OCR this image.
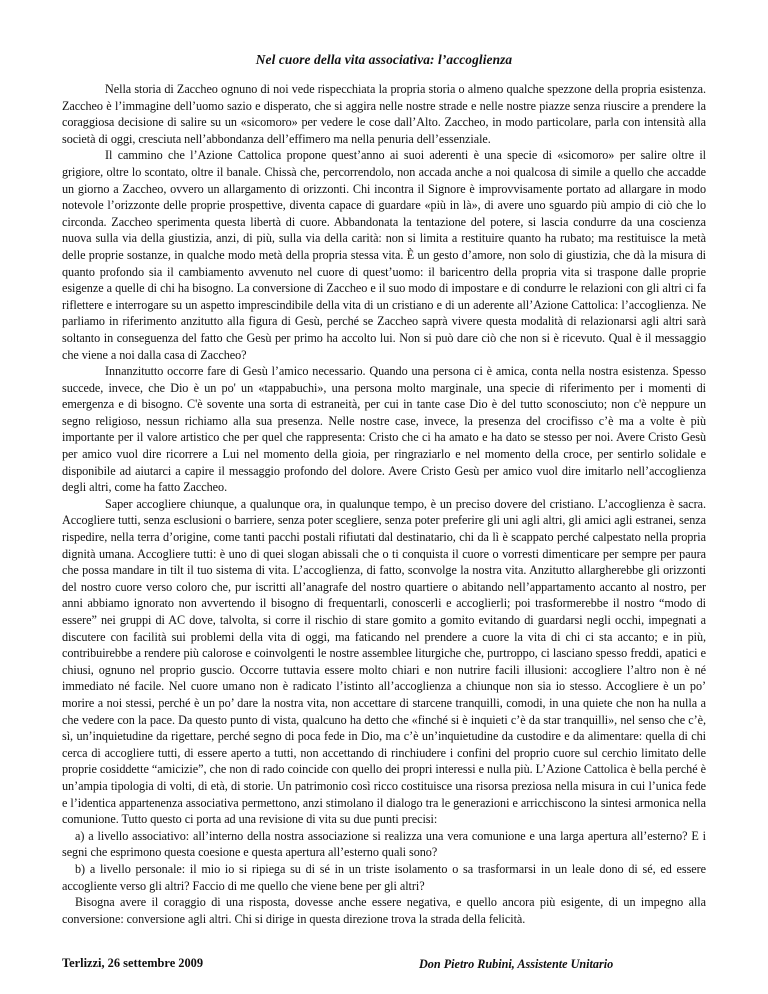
Nel cuore della vita associativa: l’accoglienza

Nella storia di Zaccheo ognuno di noi vede rispecchiata la propria storia o almeno qualche spezzone della propria esistenza. Zaccheo è l’immagine dell’uomo sazio e disperato, che si aggira nelle nostre strade e nelle nostre piazze senza riuscire a prendere la coraggiosa decisione di salire su un «sicomoro» per vedere le cose dall’Alto. Zaccheo, in modo particolare, parla con intensità alla società di oggi, cresciuta nell’abbondanza dell’effimero ma nella penuria dell’essenziale.

Il cammino che l’Azione Cattolica propone quest’anno ai suoi aderenti è una specie di «sicomoro» per salire oltre il grigiore, oltre lo scontato, oltre il banale. Chissà che, percorrendolo, non accada anche a noi qualcosa di simile a quello che accadde un giorno a Zaccheo, ovvero un allargamento di orizzonti. Chi incontra il Signore è improvvisamente portato ad allargare in modo notevole l’orizzonte delle proprie prospettive, diventa capace di guardare «più in là», di avere uno sguardo più ampio di ciò che lo circonda. Zaccheo sperimenta questa libertà di cuore. Abbandonata la tentazione del potere, si lascia condurre da una coscienza nuova sulla via della giustizia, anzi, di più, sulla via della carità: non si limita a restituire quanto ha rubato; ma restituisce la metà delle proprie sostanze, in qualche modo metà della propria stessa vita. È un gesto d’amore, non solo di giustizia, che dà la misura di quanto profondo sia il cambiamento avvenuto nel cuore di quest’uomo: il baricentro della propria vita si traspone dalle proprie esigenze a quelle di chi ha bisogno. La conversione di Zaccheo e il suo modo di impostare e di condurre le relazioni con gli altri ci fa riflettere e interrogare su un aspetto imprescindibile della vita di un cristiano e di un aderente all’Azione Cattolica: l’accoglienza. Ne parliamo in riferimento anzitutto alla figura di Gesù, perché se Zaccheo saprà vivere questa modalità di relazionarsi agli altri sarà soltanto in conseguenza del fatto che Gesù per primo ha accolto lui. Non si può dare ciò che non si è ricevuto. Qual è il messaggio che viene a noi dalla casa di Zaccheo?

Innanzitutto occorre fare di Gesù l’amico necessario. Quando una persona ci è amica, conta nella nostra esistenza. Spesso succede, invece, che Dio è un po' un «tappabuchi», una persona molto marginale, una specie di riferimento per i momenti di emergenza e di bisogno. C'è sovente una sorta di estraneità, per cui in tante case Dio è del tutto sconosciuto; non c'è neppure un segno religioso, nessun richiamo alla sua presenza. Nelle nostre case, invece, la presenza del crocifisso c’è ma a volte è più importante per il valore artistico che per quel che rappresenta: Cristo che ci ha amato e ha dato se stesso per noi. Avere Cristo Gesù per amico vuol dire ricorrere a Lui nel momento della gioia, per ringraziarlo e nel momento della croce, per sentirlo solidale e disponibile ad aiutarci a capire il messaggio profondo del dolore. Avere Cristo Gesù per amico vuol dire imitarlo nell’accoglienza degli altri, come ha fatto Zaccheo.

Saper accogliere chiunque, a qualunque ora, in qualunque tempo, è un preciso dovere del cristiano. L’accoglienza è sacra. Accogliere tutti, senza esclusioni o barriere, senza poter scegliere, senza poter preferire gli uni agli altri, gli amici agli estranei, senza rispedire, nella terra d’origine, come tanti pacchi postali rifiutati dal destinatario, chi da lì è scappato perché calpestato nella propria dignità umana. Accogliere tutti: è uno di quei slogan abissali che o ti conquista il cuore o vorresti dimenticare per sempre per paura che possa mandare in tilt il tuo sistema di vita. L’accoglienza, di fatto, sconvolge la nostra vita. Anzitutto allargherebbe gli orizzonti del nostro cuore verso coloro che, pur iscritti all’anagrafe del nostro quartiere o abitando nell’appartamento accanto al nostro, per anni abbiamo ignorato non avvertendo il bisogno di frequentarli, conoscerli e accoglierli; poi trasformerebbe il nostro “modo di essere” nei gruppi di AC dove, talvolta, si corre il rischio di stare gomito a gomito evitando di guardarsi negli occhi, impegnati a discutere con facilità sui problemi della vita di oggi, ma faticando nel prendere a cuore la vita di chi ci sta accanto; e in più, contribuirebbe a rendere più calorose e coinvolgenti le nostre assemblee liturgiche che, purtroppo, ci lasciano spesso freddi, apatici e chiusi, ognuno nel proprio guscio. Occorre tuttavia essere molto chiari e non nutrire facili illusioni: accogliere l’altro non è né immediato né facile. Nel cuore umano non è radicato l’istinto all’accoglienza a chiunque non sia io stesso. Accogliere è un po’ morire a noi stessi, perché è un po’ dare la nostra vita, non accettare di starcene tranquilli, comodi, in una quiete che non ha nulla a che vedere con la pace. Da questo punto di vista, qualcuno ha detto che «finché si è inquieti c’è da star tranquilli», nel senso che c’è, sì, un’inquietudine da rigettare, perché segno di poca fede in Dio, ma c’è un’inquietudine da custodire e da alimentare: quella di chi cerca di accogliere tutti, di essere aperto a tutti, non accettando di rinchiudere i confini del proprio cuore sul cerchio limitato delle proprie cosiddette “amicizie”, che non di rado coincide con quello dei propri interessi e nulla più. L’Azione Cattolica è bella perché è un’ampia tipologia di volti, di età, di storie. Un patrimonio così ricco costituisce una risorsa preziosa nella misura in cui l’unica fede e l’identica appartenenza associativa permettono, anzi stimolano il dialogo tra le generazioni e arricchiscono la sintesi armonica nella comunione. Tutto questo ci porta ad una revisione di vita su due punti precisi:

a) a livello associativo: all’interno della nostra associazione si realizza una vera comunione e una larga apertura all’esterno? E i segni che esprimono questa coesione e questa apertura all’esterno quali sono?

b) a livello personale: il mio io si ripiega su di sé in un triste isolamento o sa trasformarsi in un leale dono di sé, ed essere accogliente verso gli altri? Faccio di me quello che viene bene per gli altri?

Bisogna avere il coraggio di una risposta, dovesse anche essere negativa, e quello ancora più esigente, di un impegno alla conversione: conversione agli altri. Chi si dirige in questa direzione trova la strada della felicità.

Terlizzi, 26 settembre 2009	Don Pietro Rubini, Assistente Unitario
